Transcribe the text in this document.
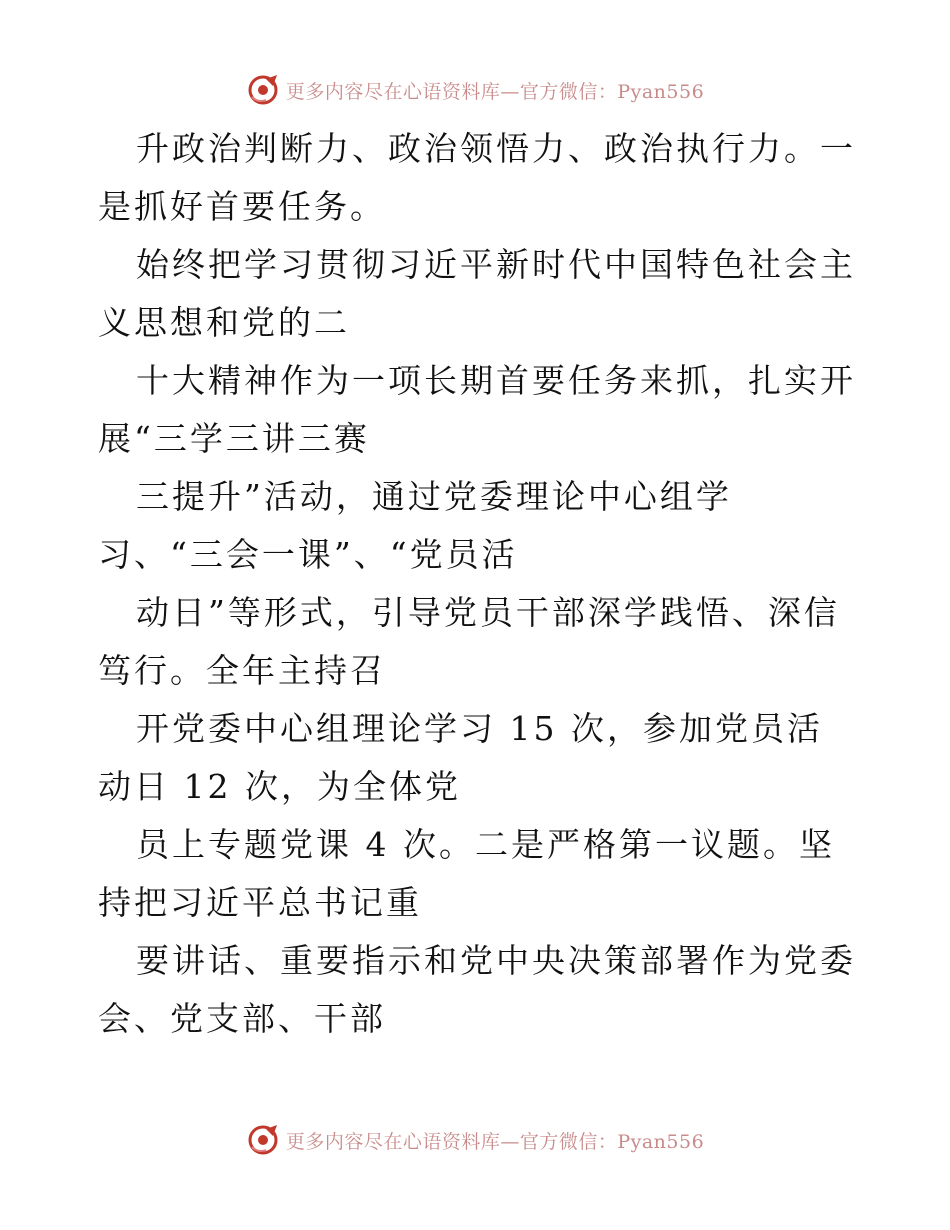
更多内容尽在心语资料库—官方微信：Pyan556

升政治判断力、政治领悟力、政治执行力。一是抓好首要任务。

始终把学习贯彻习近平新时代中国特色社会主义思想和党的二

十大精神作为一项长期首要任务来抓，扎实开展“三学三讲三赛

三提升”活动，通过党委理论中心组学习、“三会一课”、“党员活

动日”等形式，引导党员干部深学践悟、深信笃行。全年主持召

开党委中心组理论学习 15 次，参加党员活动日 12 次，为全体党

员上专题党课 4 次。二是严格第一议题。坚持把习近平总书记重

要讲话、重要指示和党中央决策部署作为党委会、党支部、干部

更多内容尽在心语资料库—官方微信：Pyan556
